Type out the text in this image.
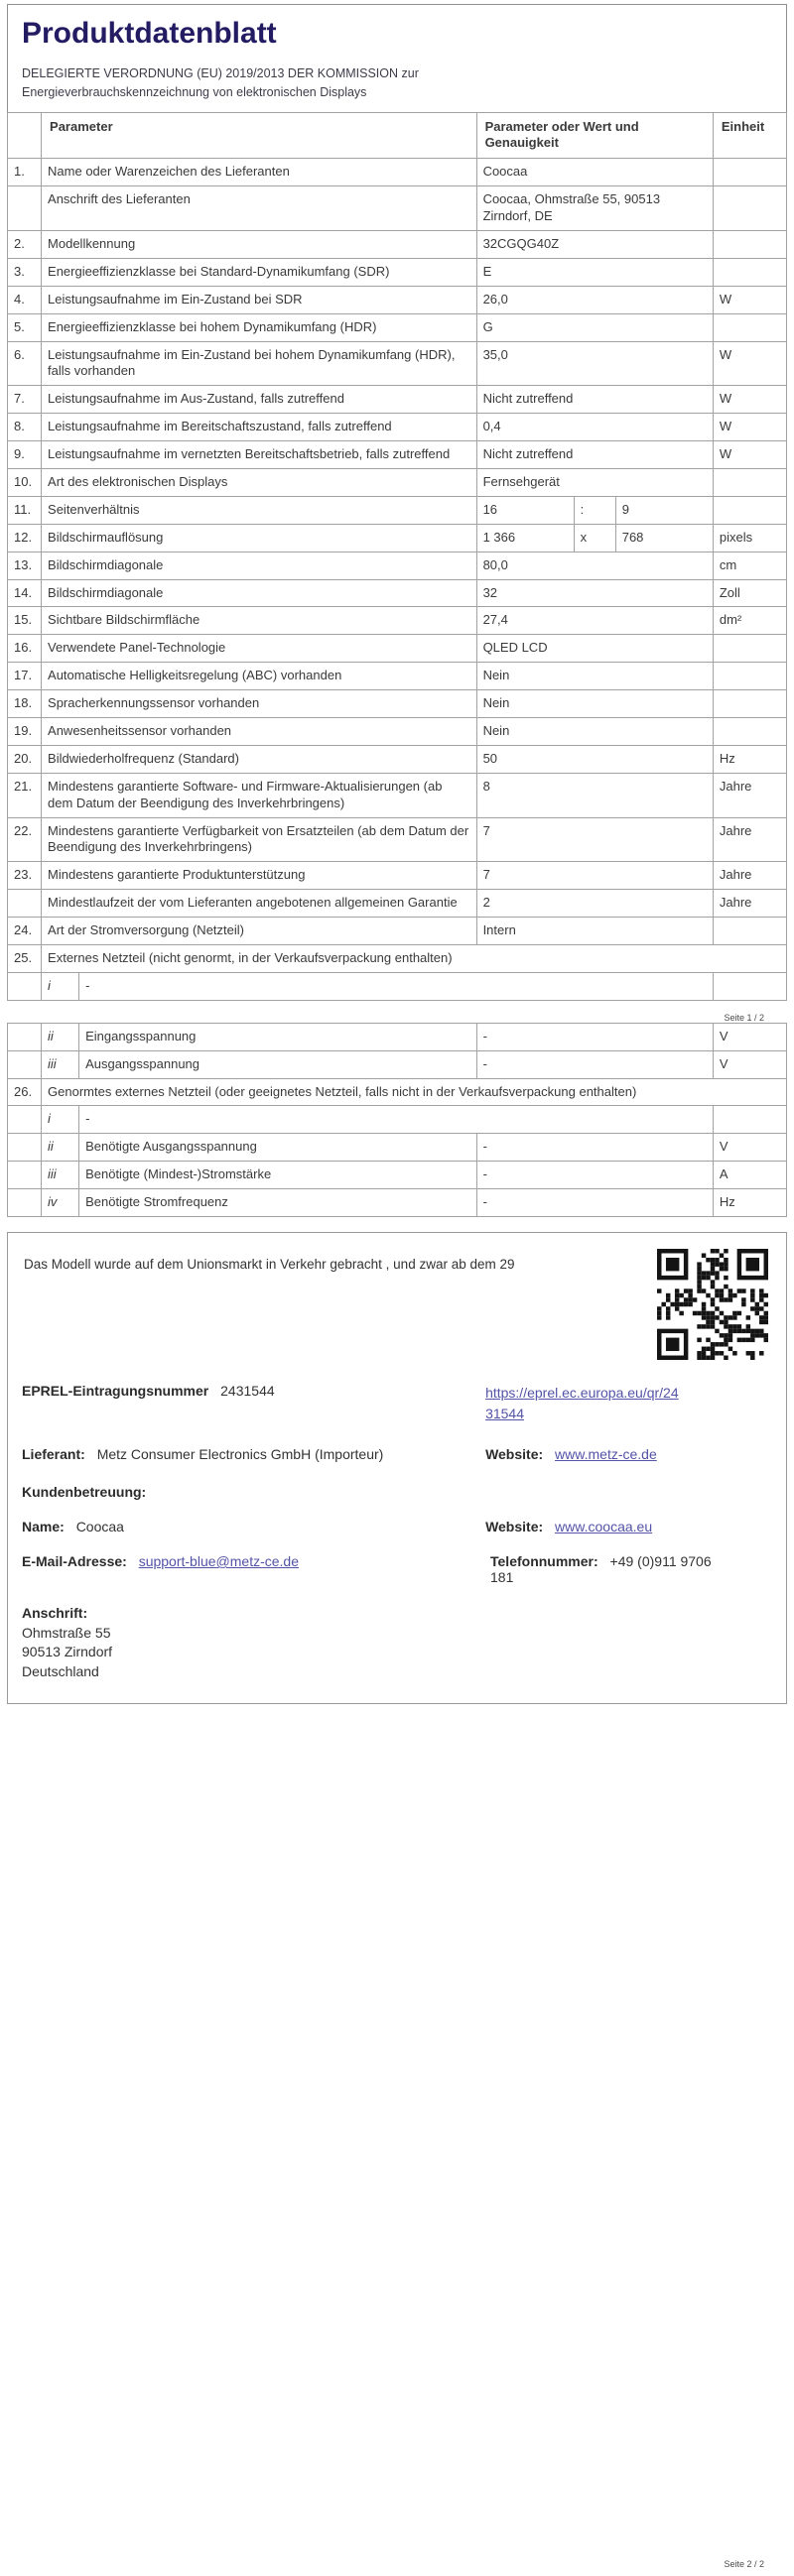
Produktdatenblatt
DELEGIERTE VERORDNUNG (EU) 2019/2013 DER KOMMISSION zur
Energieverbrauchskennzeichnung von elektronischen Displays
	Parameter		Parameter oder Wert und Genauigkeit			Einheit
1.	Name oder Warenzeichen des Lieferanten		Coocaa			
	Anschrift des Lieferanten		Coocaa, Ohmstraße 55, 90513 Zirndorf, DE			
2.	Modellkennung		32CGQG40Z			
3.	Energieeffizienzklasse bei Standard-Dynamikumfang (SDR)		E			
4.	Leistungsaufnahme im Ein-Zustand bei SDR		26,0			W
5.	Energieeffizienzklasse bei hohem Dynamikumfang (HDR)		G			
6.	Leistungsaufnahme im Ein-Zustand bei hohem Dynamikumfang (HDR), falls vorhanden		35,0			W
7.	Leistungsaufnahme im Aus-Zustand, falls zutreffend		Nicht zutreffend			W
8.	Leistungsaufnahme im Bereitschaftszustand, falls zutreffend		0,4			W
9.	Leistungsaufnahme im vernetzten Bereitschaftsbetrieb, falls zutreffend		Nicht zutreffend			W
10.	Art des elektronischen Displays		Fernsehgerät			
11.	Seitenverhältnis		16	:	9	
12.	Bildschirmauflösung		1 366	x	768	pixels
13.	Bildschirmdiagonale		80,0			cm
14.	Bildschirmdiagonale		32			Zoll
15.	Sichtbare Bildschirmfläche		27,4			dm²
16.	Verwendete Panel-Technologie		QLED LCD			
17.	Automatische Helligkeitsregelung (ABC) vorhanden		Nein			
18.	Spracherkennungssensor vorhanden		Nein			
19.	Anwesenheitssensor vorhanden		Nein			
20.	Bildwiederholfrequenz (Standard)		50			Hz
21.	Mindestens garantierte Software- und Firmware-Aktualisierungen (ab dem Datum der Beendigung des Inverkehrbringens)		8			Jahre
22.	Mindestens garantierte Verfügbarkeit von Ersatzteilen (ab dem Datum der Beendigung des Inverkehrbringens)		7			Jahre
23.	Mindestens garantierte Produktunterstützung		7			Jahre
	Mindestlaufzeit der vom Lieferanten angebotenen allgemeinen Garantie		2			Jahre
24.	Art der Stromversorgung (Netzteil)		Intern			
25.	Externes Netzteil (nicht genormt, in der Verkaufsverpackung enthalten)					
	i	-				
Seite 1 / 2
	ii	Eingangsspannung	-	V
	iii	Ausgangsspannung	-	V
26.	Genormtes externes Netzteil (oder geeignetes Netzteil, falls nicht in der Verkaufsverpackung enthalten)			
	i	-		
	ii	Benötigte Ausgangsspannung	-	V
	iii	Benötigte (Mindest-)Stromstärke	-	A
	iv	Benötigte Stromfrequenz	-	Hz
Das Modell wurde auf dem Unionsmarkt in Verkehr gebracht , und zwar ab dem 29
EPREL-Eintragungsnummer 2431544	https://eprel.ec.europa.eu/qr/2431544
Lieferant: Metz Consumer Electronics GmbH (Importeur)	Website: www.metz-ce.de
Kundenbetreuung:
Name: Coocaa	Website: www.coocaa.eu
E-Mail-Adresse: support-blue@metz-ce.de	Telefonnummer: +49 (0)911 9706 181
Anschrift:
Ohmstraße 55
90513 Zirndorf
Deutschland
Seite 2 / 2
